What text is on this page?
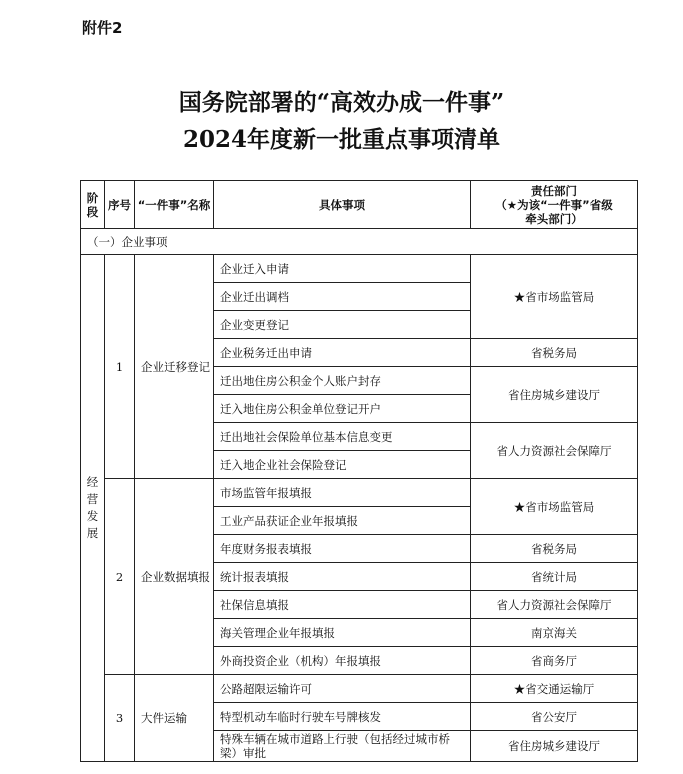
附件2
国务院部署的“高效办成一件事”
2024年度新一批重点事项清单
阶段	序号	“一件事”名称	具体事项	责任部门
（★为该“一件事”省级
牵头部门）

（一）企业事项				
经营发展	1	企业迁移登记	企业迁入申请	★省市场监管局
			企业迁出调档	
			企业变更登记	
			企业税务迁出申请	省税务局
			迁出地住房公积金个人账户封存	省住房城乡建设厅
			迁入地住房公积金单位登记开户	
			迁出地社会保险单位基本信息变更	省人力资源社会保障厅
			迁入地企业社会保险登记	
	2	企业数据填报	市场监管年报填报	★省市场监管局
			工业产品获证企业年报填报	
			年度财务报表填报	省税务局
			统计报表填报	省统计局
			社保信息填报	省人力资源社会保障厅
			海关管理企业年报填报	南京海关
			外商投资企业（机构）年报填报	省商务厅
	3	大件运输	公路超限运输许可	★省交通运输厅
			特型机动车临时行驶车号牌核发	省公安厅
			特殊车辆在城市道路上行驶（包括经过城市桥梁）审批	省住房城乡建设厅
